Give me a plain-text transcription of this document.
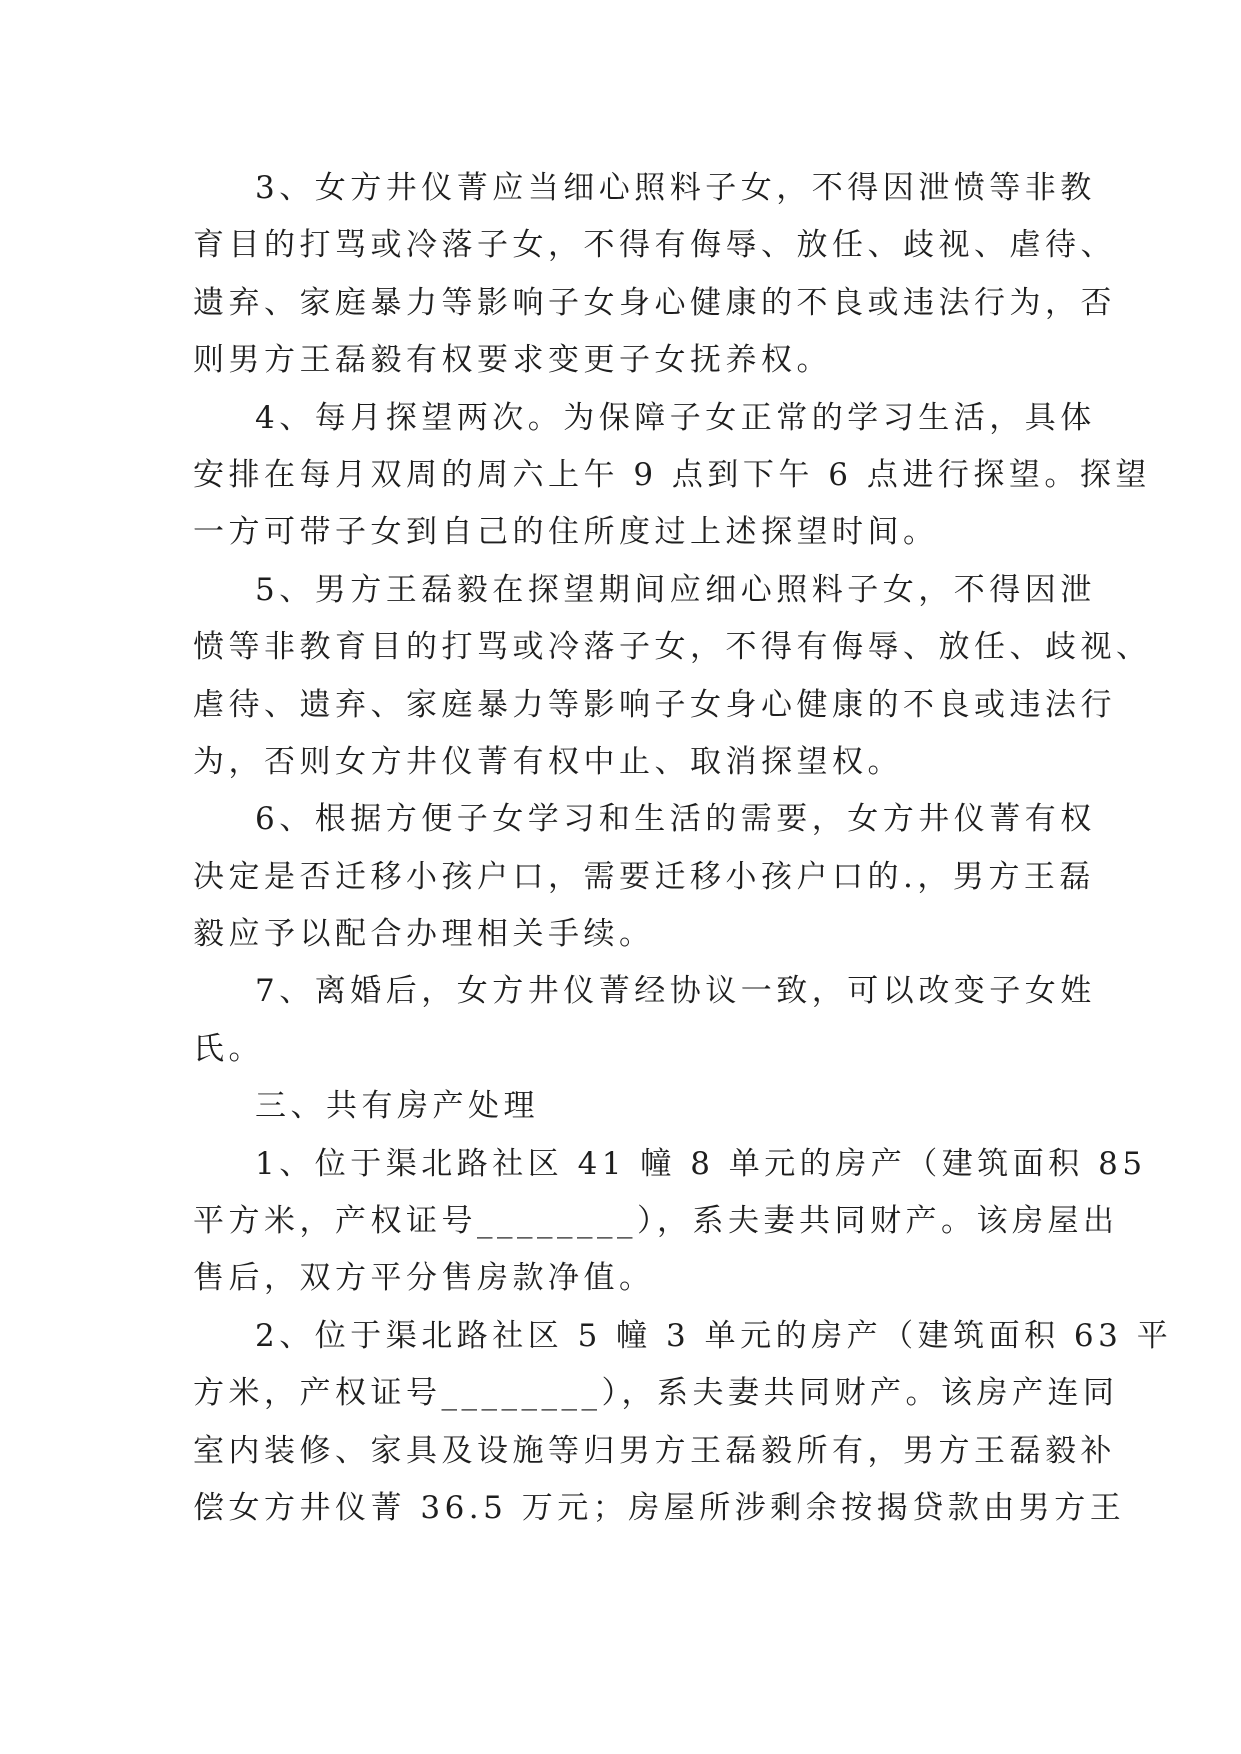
3、女方井仪菁应当细心照料子女，不得因泄愤等非教
育目的打骂或冷落子女，不得有侮辱、放任、歧视、虐待、
遗弃、家庭暴力等影响子女身心健康的不良或违法行为，否
则男方王磊毅有权要求变更子女抚养权。
4、每月探望两次。为保障子女正常的学习生活，具体
安排在每月双周的周六上午 9 点到下午 6 点进行探望。探望
一方可带子女到自己的住所度过上述探望时间。
5、男方王磊毅在探望期间应细心照料子女，不得因泄
愤等非教育目的打骂或冷落子女，不得有侮辱、放任、歧视、
虐待、遗弃、家庭暴力等影响子女身心健康的不良或违法行
为，否则女方井仪菁有权中止、取消探望权。
6、根据方便子女学习和生活的需要，女方井仪菁有权
决定是否迁移小孩户口，需要迁移小孩户口的.，男方王磊
毅应予以配合办理相关手续。
7、离婚后，女方井仪菁经协议一致，可以改变子女姓
氏。
三、共有房产处理
1、位于渠北路社区 41 幢 8 单元的房产（建筑面积 85
平方米，产权证号________），系夫妻共同财产。该房屋出
售后，双方平分售房款净值。
2、位于渠北路社区 5 幢 3 单元的房产（建筑面积 63 平
方米，产权证号________），系夫妻共同财产。该房产连同
室内装修、家具及设施等归男方王磊毅所有，男方王磊毅补
偿女方井仪菁 36.5 万元；房屋所涉剩余按揭贷款由男方王
